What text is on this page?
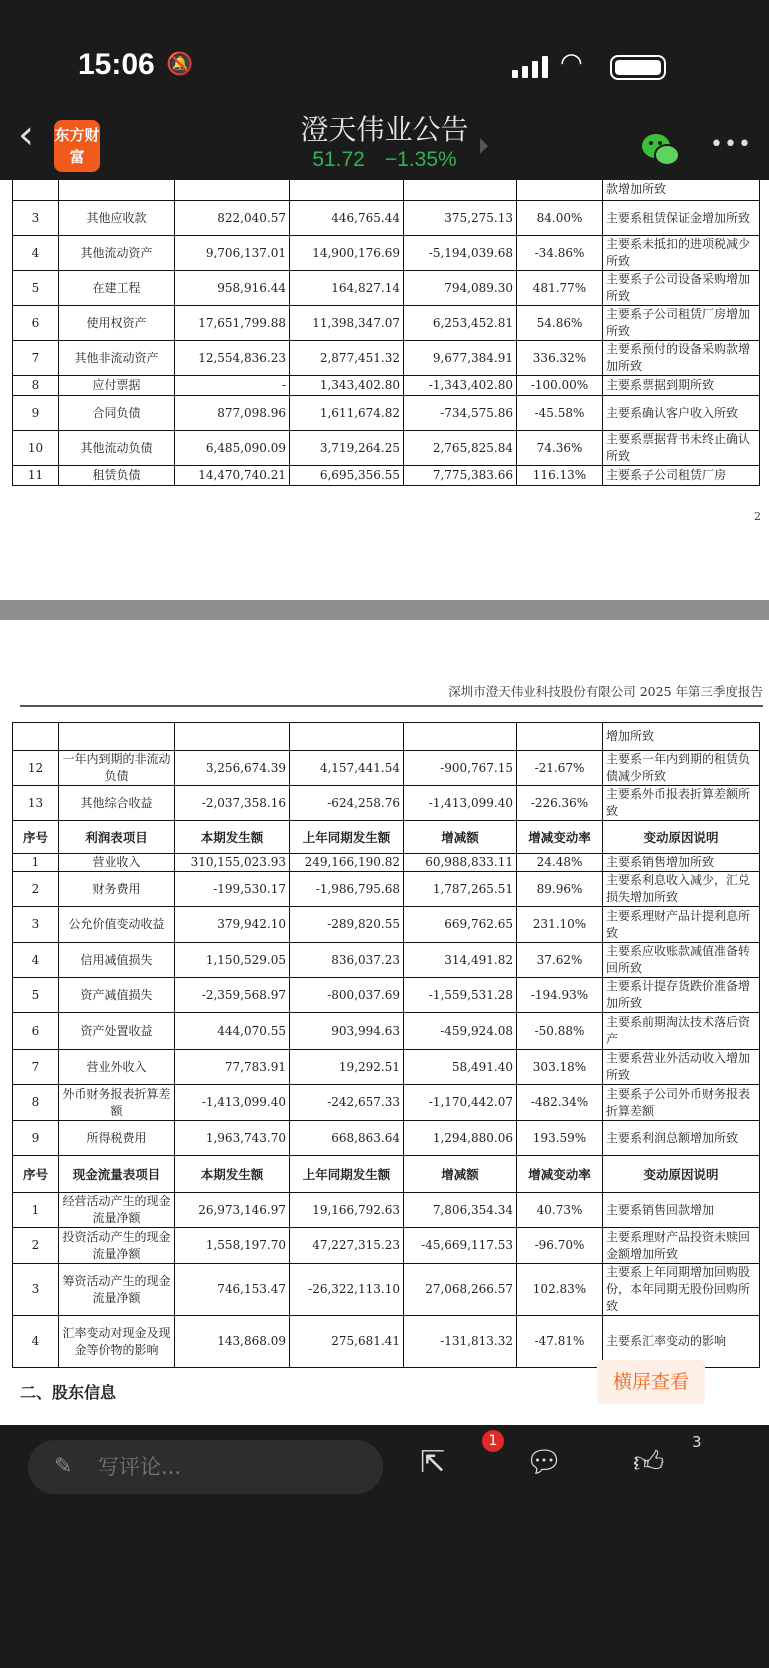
15:06 🔕	◠
‹ 东方财富
澄天伟业公告
51.72 −1.35%
•••
						款增加所致
3	其他应收款	822,040.57	446,765.44	375,275.13	84.00%	主要系租赁保证金增加所致
4	其他流动资产	9,706,137.01	14,900,176.69	-5,194,039.68	-34.86%	主要系未抵扣的进项税减少所致
5	在建工程	958,916.44	164,827.14	794,089.30	481.77%	主要系子公司设备采购增加所致
6	使用权资产	17,651,799.88	11,398,347.07	6,253,452.81	54.86%	主要系子公司租赁厂房增加所致
7	其他非流动资产	12,554,836.23	2,877,451.32	9,677,384.91	336.32%	主要系预付的设备采购款增加所致
8	应付票据	-	1,343,402.80	-1,343,402.80	-100.00%	主要系票据到期所致
9	合同负债	877,098.96	1,611,674.82	-734,575.86	-45.58%	主要系确认客户收入所致
10	其他流动负债	6,485,090.09	3,719,264.25	2,765,825.84	74.36%	主要系票据背书未终止确认所致
11	租赁负债	14,470,740.21	6,695,356.55	7,775,383.66	116.13%	主要系子公司租赁厂房
2
深圳市澄天伟业科技股份有限公司 2025 年第三季度报告
						增加所致
12	一年内到期的非流动负债	3,256,674.39	4,157,441.54	-900,767.15	-21.67%	主要系一年内到期的租赁负债减少所致
13	其他综合收益	-2,037,358.16	-624,258.76	-1,413,099.40	-226.36%	主要系外币报表折算差额所致
序号	利润表项目	本期发生额	上年同期发生额	增减额	增减变动率	变动原因说明
1	营业收入	310,155,023.93	249,166,190.82	60,988,833.11	24.48%	主要系销售增加所致
2	财务费用	-199,530.17	-1,986,795.68	1,787,265.51	89.96%	主要系利息收入减少，汇兑损失增加所致
3	公允价值变动收益	379,942.10	-289,820.55	669,762.65	231.10%	主要系理财产品计提利息所致
4	信用减值损失	1,150,529.05	836,037.23	314,491.82	37.62%	主要系应收账款减值准备转回所致
5	资产减值损失	-2,359,568.97	-800,037.69	-1,559,531.28	-194.93%	主要系计提存货跌价准备增加所致
6	资产处置收益	444,070.55	903,994.63	-459,924.08	-50.88%	主要系前期淘汰技术落后资产
7	营业外收入	77,783.91	19,292.51	58,491.40	303.18%	主要系营业外活动收入增加所致
8	外币财务报表折算差额	-1,413,099.40	-242,657.33	-1,170,442.07	-482.34%	主要系子公司外币财务报表折算差额
9	所得税费用	1,963,743.70	668,863.64	1,294,880.06	193.59%	主要系利润总额增加所致
序号	现金流量表项目	本期发生额	上年同期发生额	增减额	增减变动率	变动原因说明
1	经营活动产生的现金流量净额	26,973,146.97	19,166,792.63	7,806,354.34	40.73%	主要系销售回款增加
2	投资活动产生的现金流量净额	1,558,197.70	47,227,315.23	-45,669,117.53	-96.70%	主要系理财产品投资未赎回金额增加所致
3	筹资活动产生的现金流量净额	746,153.47	-26,322,113.10	27,068,266.57	102.83%	主要系上年同期增加回购股份，本年同期无股份回购所致
4	汇率变动对现金及现金等价物的影响	143,868.09	275,681.41	-131,813.32	-47.81%	主要系汇率变动的影响
二、股东信息	横屏查看
✎ 写评论...	⇱
1
💬︎ 👍︎
3
